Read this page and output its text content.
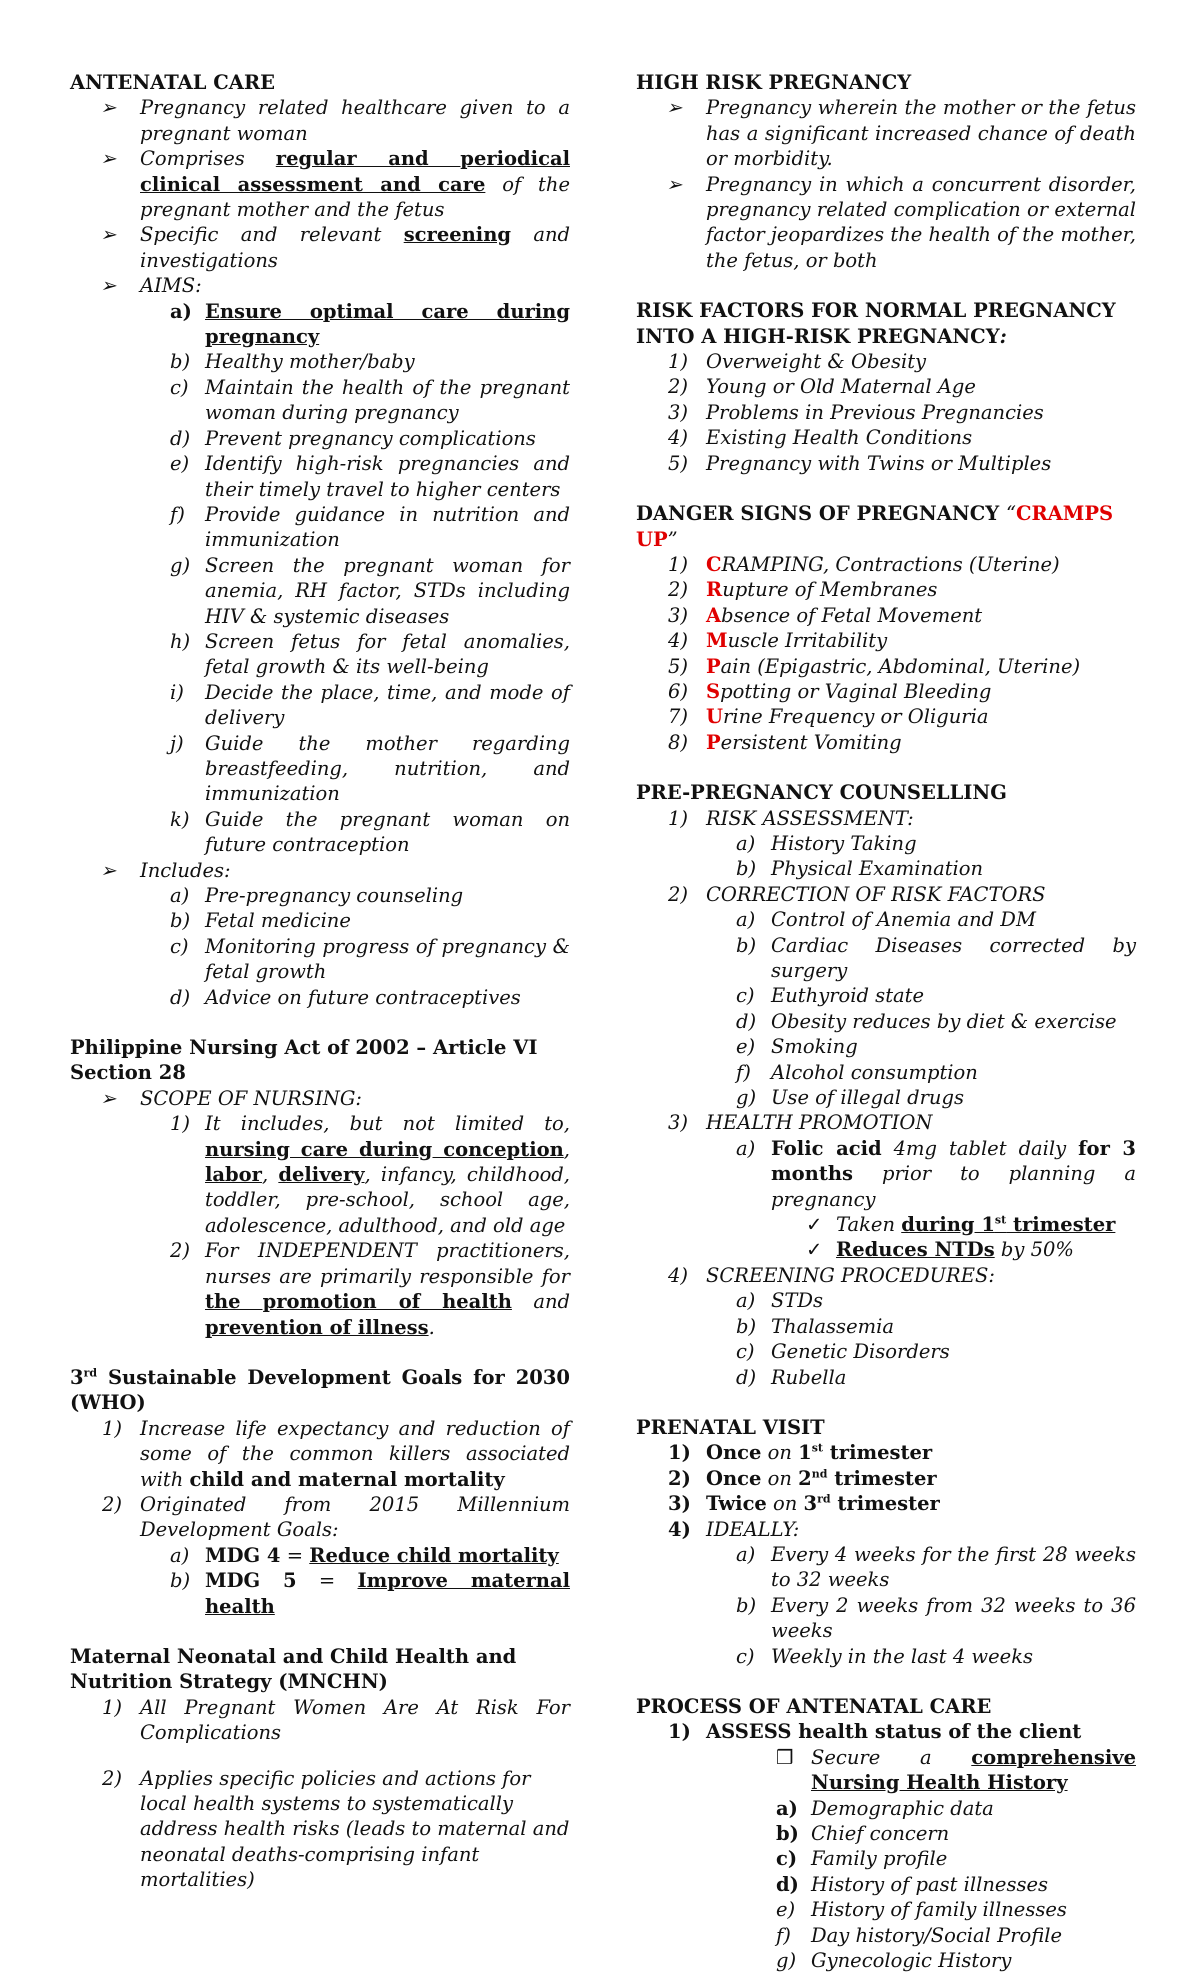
ANTENATAL CARE
➢	Pregnancy related healthcare given to a pregnant woman
➢	Comprises regular and periodical clinical assessment and care of the pregnant mother and the fetus
➢	Specific and relevant screening and investigations
➢	AIMS:
a) Ensure optimal care during pregnancy
b) Healthy mother/baby
c) Maintain the health of the pregnant woman during pregnancy
d) Prevent pregnancy complications
e) Identify high-risk pregnancies and their timely travel to higher centers
f)	Provide guidance in nutrition and immunization
g) Screen the pregnant woman for anemia, RH factor, STDs including HIV & systemic diseases
h) Screen fetus for fetal anomalies, fetal growth & its well-being
i)	Decide the place, time, and mode of delivery
j)	Guide the mother regarding breastfeeding, nutrition, and immunization
k) Guide the pregnant woman on future contraception
➢	Includes:
a) Pre-pregnancy counseling
b) Fetal medicine
c) Monitoring progress of pregnancy & fetal growth
d) Advice on future contraceptives
Philippine Nursing Act of 2002 – Article VI Section 28
➢	SCOPE OF NURSING:
1) It includes, but not limited to, nursing care during conception, labor, delivery, infancy, childhood, toddler, pre-school, school age, adolescence, adulthood, and old age
2) For INDEPENDENT practitioners, nurses are primarily responsible for the promotion of health and prevention of illness.
3rd Sustainable Development Goals for 2030 (WHO)
1) Increase life expectancy and reduction of some of the common killers associated with child and maternal mortality
2) Originated from 2015 Millennium Development Goals:
a) MDG 4 = Reduce child mortality
b) MDG 5 = Improve maternal health
Maternal Neonatal and Child Health and Nutrition Strategy (MNCHN)
1) All Pregnant Women Are At Risk For Complications
2) Applies specific policies and actions for local health systems to systematically address health risks (leads to maternal and neonatal deaths-comprising infant mortalities)
HIGH RISK PREGNANCY
➢	Pregnancy wherein the mother or the fetus has a significant increased chance of death or morbidity.
➢	Pregnancy in which a concurrent disorder, pregnancy related complication or external factor jeopardizes the health of the mother, the fetus, or both
RISK FACTORS FOR NORMAL PREGNANCY INTO A HIGH-RISK PREGNANCY:
1) Overweight & Obesity
2) Young or Old Maternal Age
3) Problems in Previous Pregnancies
4) Existing Health Conditions
5) Pregnancy with Twins or Multiples
DANGER SIGNS OF PREGNANCY “CRAMPS UP”
1) CRAMPING, Contractions (Uterine)
2) Rupture of Membranes
3) Absence of Fetal Movement
4) Muscle Irritability
5) Pain (Epigastric, Abdominal, Uterine)
6) Spotting or Vaginal Bleeding
7) Urine Frequency or Oliguria
8) Persistent Vomiting
PRE-PREGNANCY COUNSELLING
1) RISK ASSESSMENT:
a) History Taking
b) Physical Examination
2) CORRECTION OF RISK FACTORS
a) Control of Anemia and DM
b) Cardiac Diseases corrected by surgery
c) Euthyroid state
d) Obesity reduces by diet & exercise
e) Smoking
f)	Alcohol consumption
g) Use of illegal drugs
3) HEALTH PROMOTION
a) Folic acid 4mg tablet daily for 3 months prior to planning a pregnancy
✓ Taken during 1st trimester
✓ Reduces NTDs by 50%
4) SCREENING PROCEDURES:
a) STDs
b) Thalassemia
c) Genetic Disorders
d) Rubella
PRENATAL VISIT
1) Once on 1st trimester
2) Once on 2nd trimester
3) Twice on 3rd trimester
4) IDEALLY:
a) Every 4 weeks for the first 28 weeks to 32 weeks
b) Every 2 weeks from 32 weeks to 36 weeks
c) Weekly in the last 4 weeks
PROCESS OF ANTENATAL CARE
1) ASSESS health status of the client
❒ Secure a comprehensive Nursing Health History
a) Demographic data
b) Chief concern
c) Family profile
d) History of past illnesses
e) History of family illnesses
f)	Day history/Social Profile
g) Gynecologic History
